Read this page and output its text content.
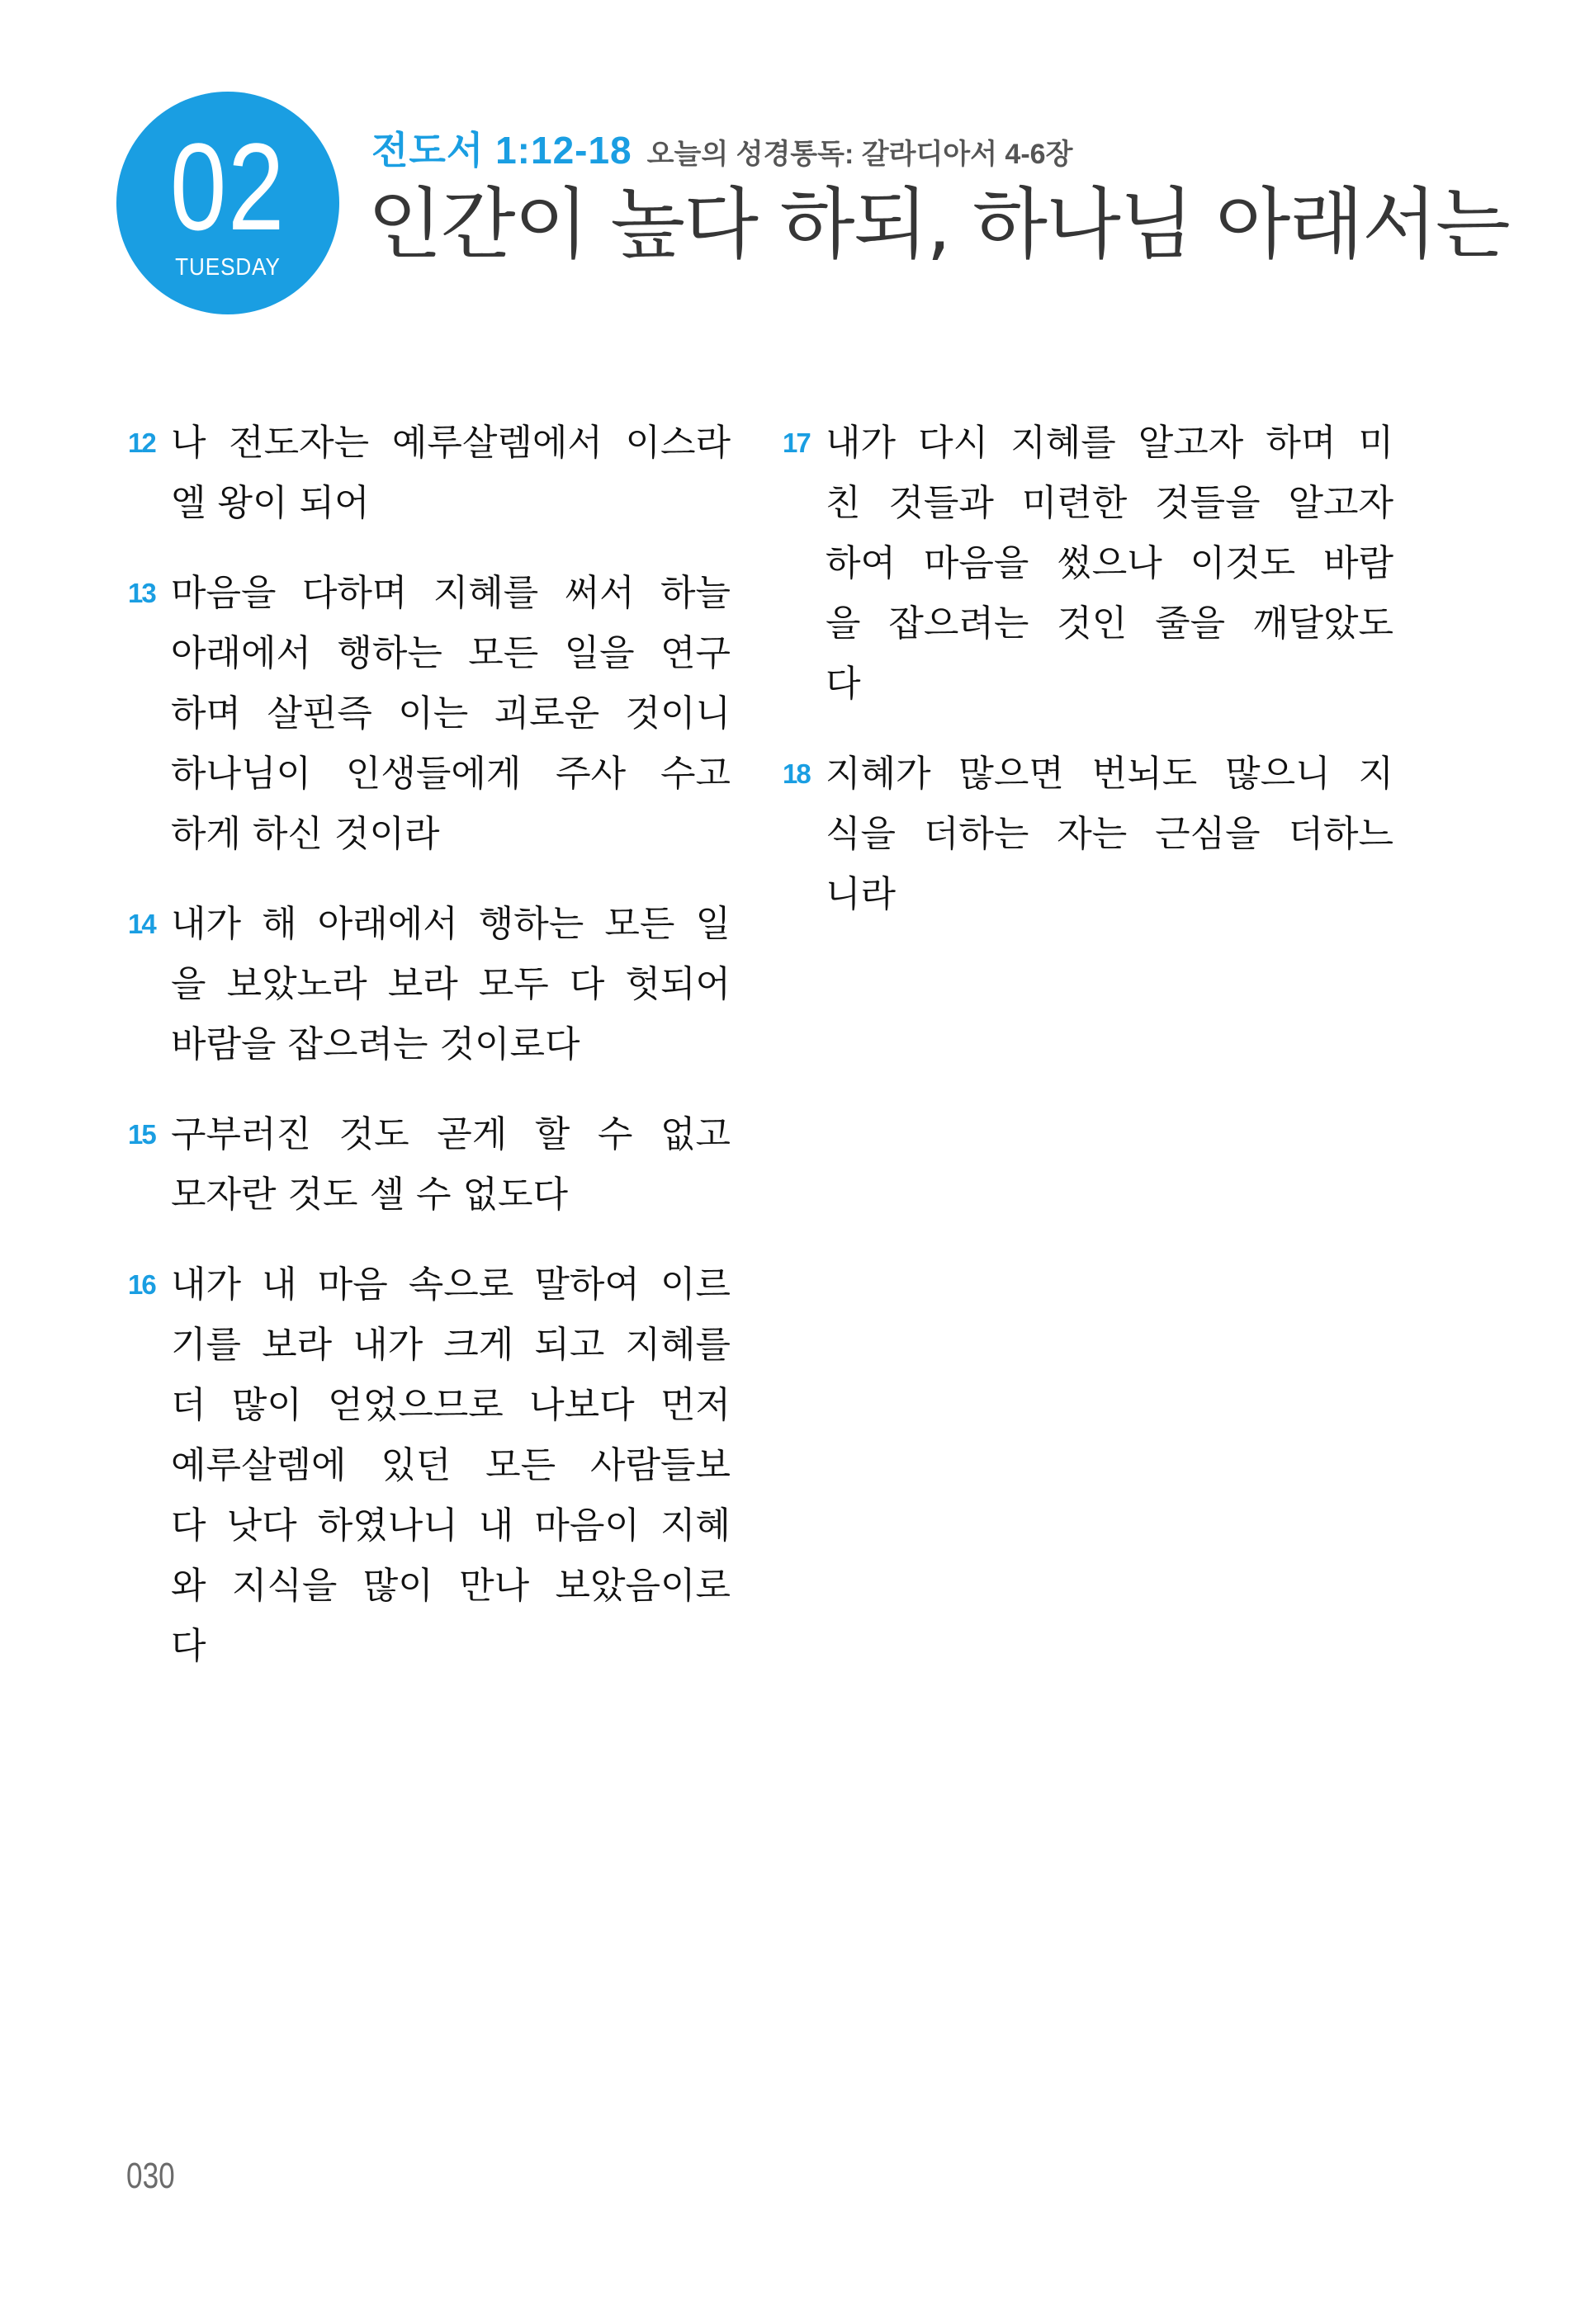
02
TUESDAY
전도서 1:12-18 오늘의 성경통독: 갈라디아서 4-6장
인간이 높다 하되, 하나님 아래서는
12 나 전도자는 예루살렘에서 이스라
엘 왕이 되어
13 마음을 다하며 지혜를 써서 하늘
아래에서 행하는 모든 일을 연구
하며 살핀즉 이는 괴로운 것이니
하나님이 인생들에게 주사 수고
하게 하신 것이라
14 내가 해 아래에서 행하는 모든 일
을 보았노라 보라 모두 다 헛되어
바람을 잡으려는 것이로다
15 구부러진 것도 곧게 할 수 없고
모자란 것도 셀 수 없도다
16 내가 내 마음 속으로 말하여 이르
기를 보라 내가 크게 되고 지혜를
더 많이 얻었으므로 나보다 먼저
예루살렘에 있던 모든 사람들보
다 낫다 하였나니 내 마음이 지혜
와 지식을 많이 만나 보았음이로
다
17 내가 다시 지혜를 알고자 하며 미
친 것들과 미련한 것들을 알고자
하여 마음을 썼으나 이것도 바람
을 잡으려는 것인 줄을 깨달았도
다
18 지혜가 많으면 번뇌도 많으니 지
식을 더하는 자는 근심을 더하느
니라
030
